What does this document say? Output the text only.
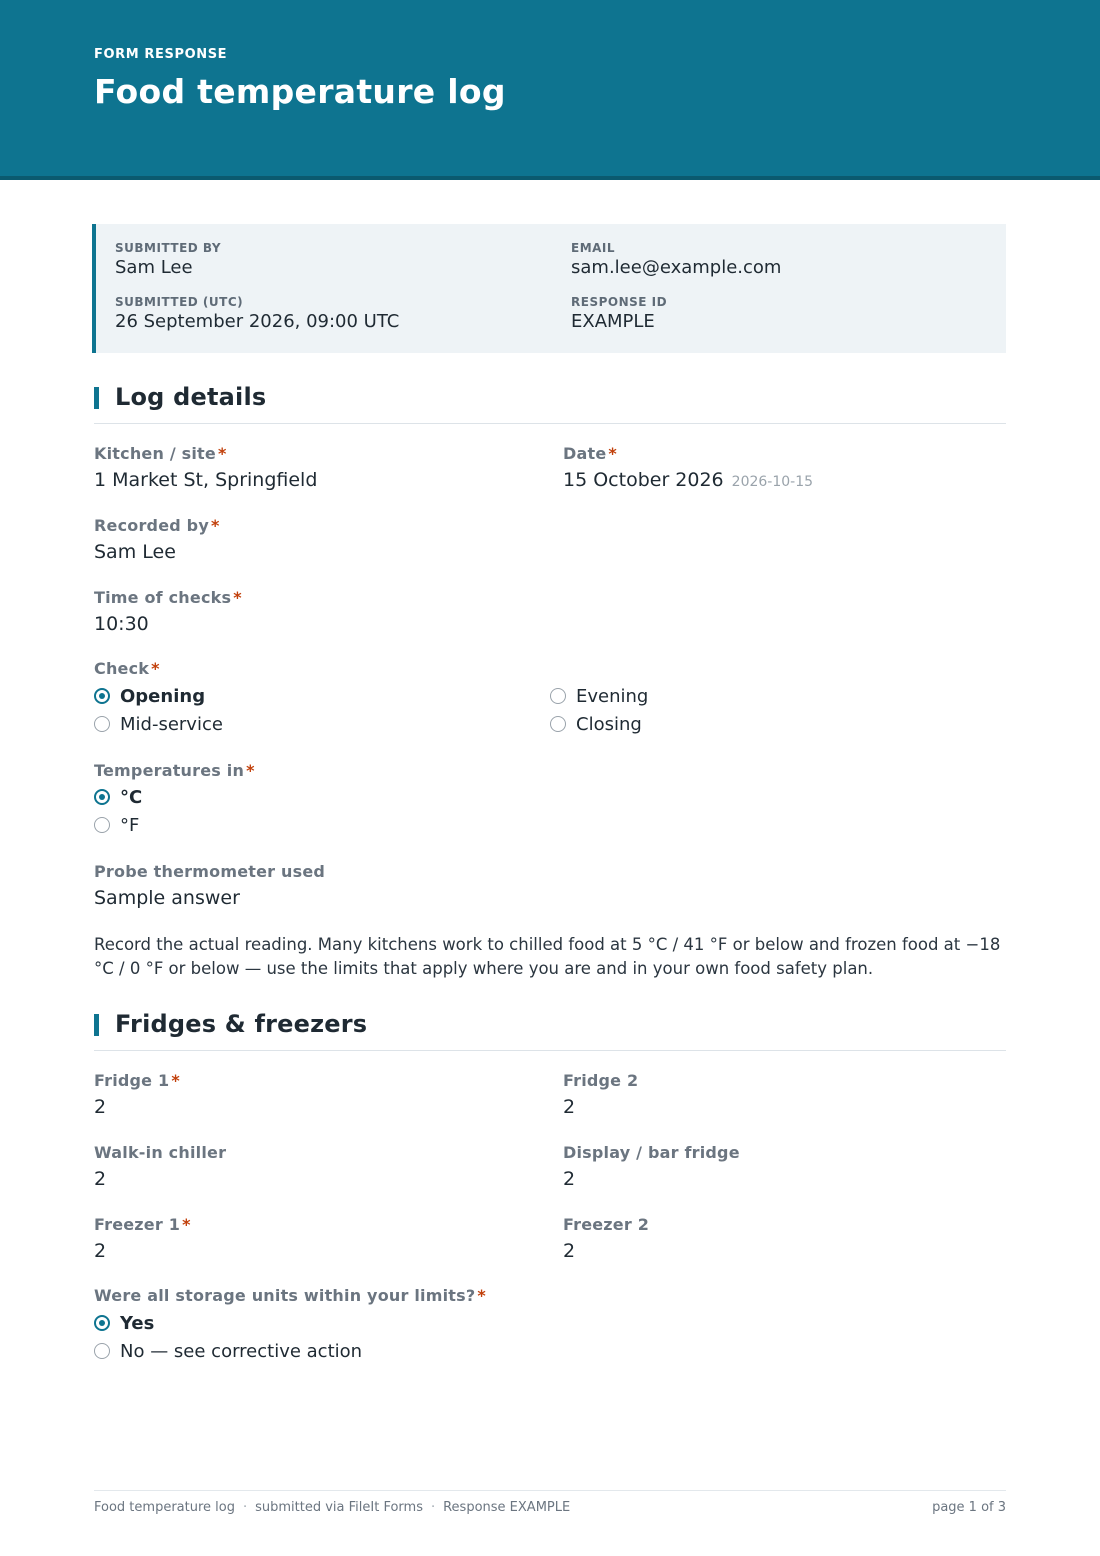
FORM RESPONSE
Food temperature log
SUBMITTED BY
Sam Lee
EMAIL
sam.lee@example.com
SUBMITTED (UTC)
26 September 2026, 09:00 UTC
RESPONSE ID
EXAMPLE
Log details
Kitchen / site *
1 Market St, Springfield
Date *
15 October 2026 2026-10-15
Recorded by *
Sam Lee
Time of checks *
10:30
Check *
Opening	Evening
Mid-service	Closing
Temperatures in *
°C
°F
Probe thermometer used
Sample answer
Record the actual reading. Many kitchens work to chilled food at 5 °C / 41 °F or below and frozen food at −18 °C / 0 °F or below — use the limits that apply where you are and in your own food safety plan.
Fridges & freezers
Fridge 1 *
2
Fridge 2
2
Walk-in chiller
2
Display / bar fridge
2
Freezer 1 *
2
Freezer 2
2
Were all storage units within your limits? *
Yes
No — see corrective action
Food temperature log · submitted via FileIt Forms · Response EXAMPLE	page 1 of 3
